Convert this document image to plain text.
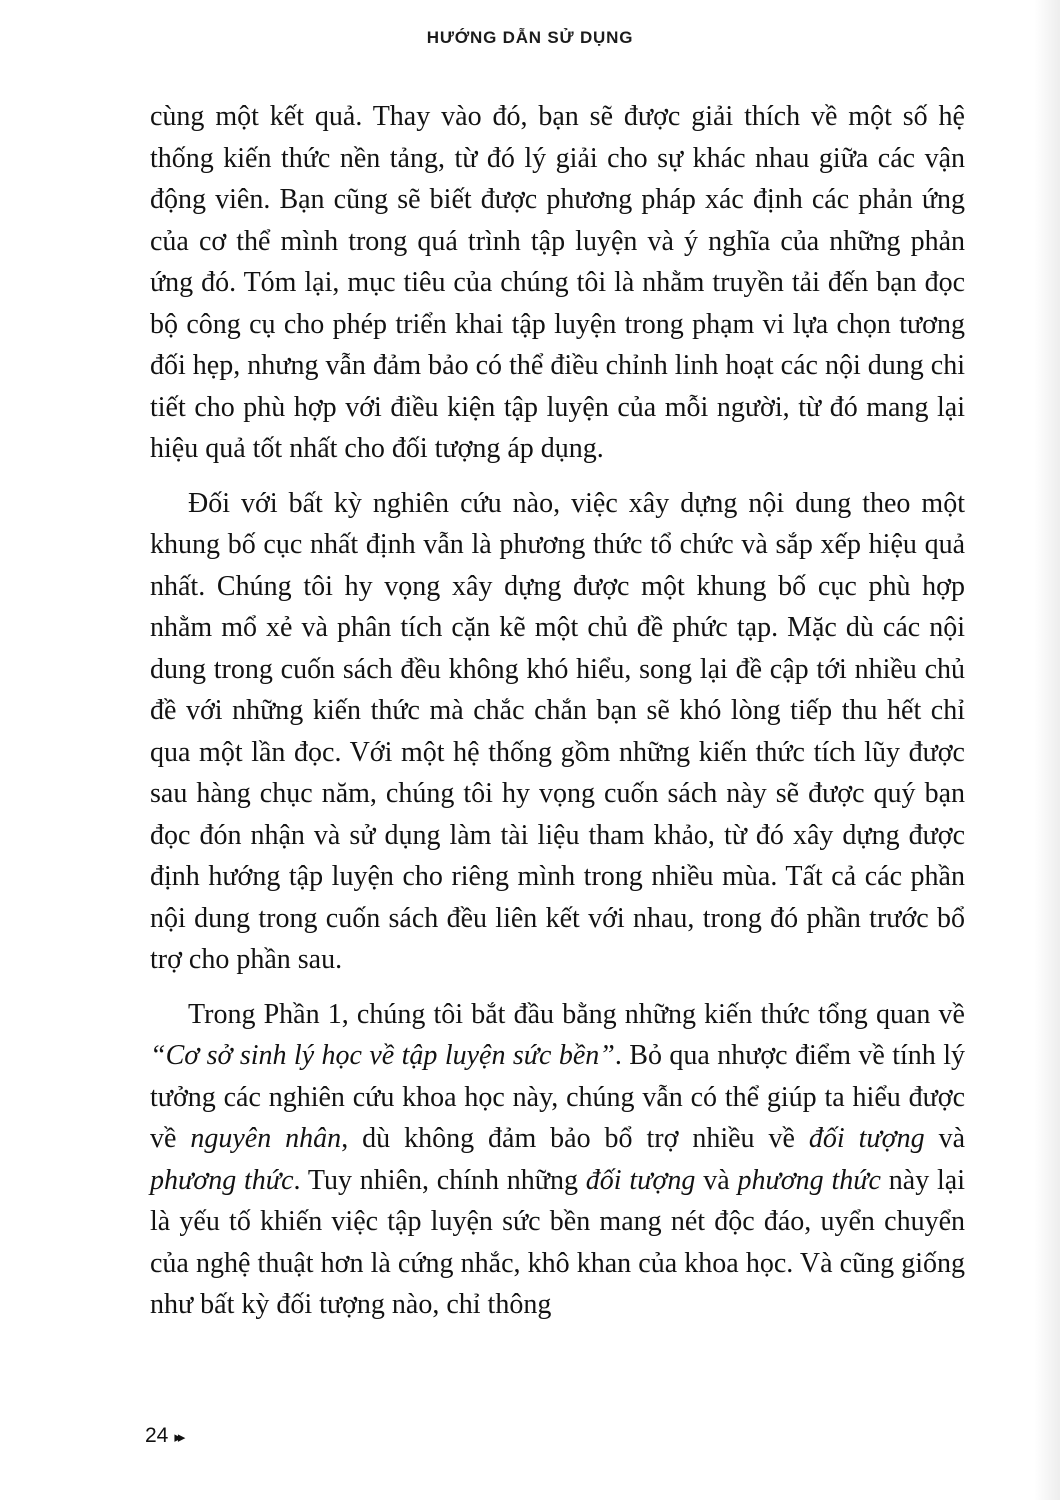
HƯỚNG DẪN SỬ DỤNG

cùng một kết quả. Thay vào đó, bạn sẽ được giải thích về một số hệ thống kiến thức nền tảng, từ đó lý giải cho sự khác nhau giữa các vận động viên. Bạn cũng sẽ biết được phương pháp xác định các phản ứng của cơ thể mình trong quá trình tập luyện và ý nghĩa của những phản ứng đó. Tóm lại, mục tiêu của chúng tôi là nhằm truyền tải đến bạn đọc bộ công cụ cho phép triển khai tập luyện trong phạm vi lựa chọn tương đối hẹp, nhưng vẫn đảm bảo có thể điều chỉnh linh hoạt các nội dung chi tiết cho phù hợp với điều kiện tập luyện của mỗi người, từ đó mang lại hiệu quả tốt nhất cho đối tượng áp dụng.

Đối với bất kỳ nghiên cứu nào, việc xây dựng nội dung theo một khung bố cục nhất định vẫn là phương thức tổ chức và sắp xếp hiệu quả nhất. Chúng tôi hy vọng xây dựng được một khung bố cục phù hợp nhằm mổ xẻ và phân tích cặn kẽ một chủ đề phức tạp. Mặc dù các nội dung trong cuốn sách đều không khó hiểu, song lại đề cập tới nhiều chủ đề với những kiến thức mà chắc chắn bạn sẽ khó lòng tiếp thu hết chỉ qua một lần đọc. Với một hệ thống gồm những kiến thức tích lũy được sau hàng chục năm, chúng tôi hy vọng cuốn sách này sẽ được quý bạn đọc đón nhận và sử dụng làm tài liệu tham khảo, từ đó xây dựng được định hướng tập luyện cho riêng mình trong nhiều mùa. Tất cả các phần nội dung trong cuốn sách đều liên kết với nhau, trong đó phần trước bổ trợ cho phần sau.

Trong Phần 1, chúng tôi bắt đầu bằng những kiến thức tổng quan về “Cơ sở sinh lý học về tập luyện sức bền”. Bỏ qua nhược điểm về tính lý tưởng các nghiên cứu khoa học này, chúng vẫn có thể giúp ta hiểu được về nguyên nhân, dù không đảm bảo bổ trợ nhiều về đối tượng và phương thức. Tuy nhiên, chính những đối tượng và phương thức này lại là yếu tố khiến việc tập luyện sức bền mang nét độc đáo, uyển chuyển của nghệ thuật hơn là cứng nhắc, khô khan của khoa học. Và cũng giống như bất kỳ đối tượng nào, chỉ thông

24 ▸▸
